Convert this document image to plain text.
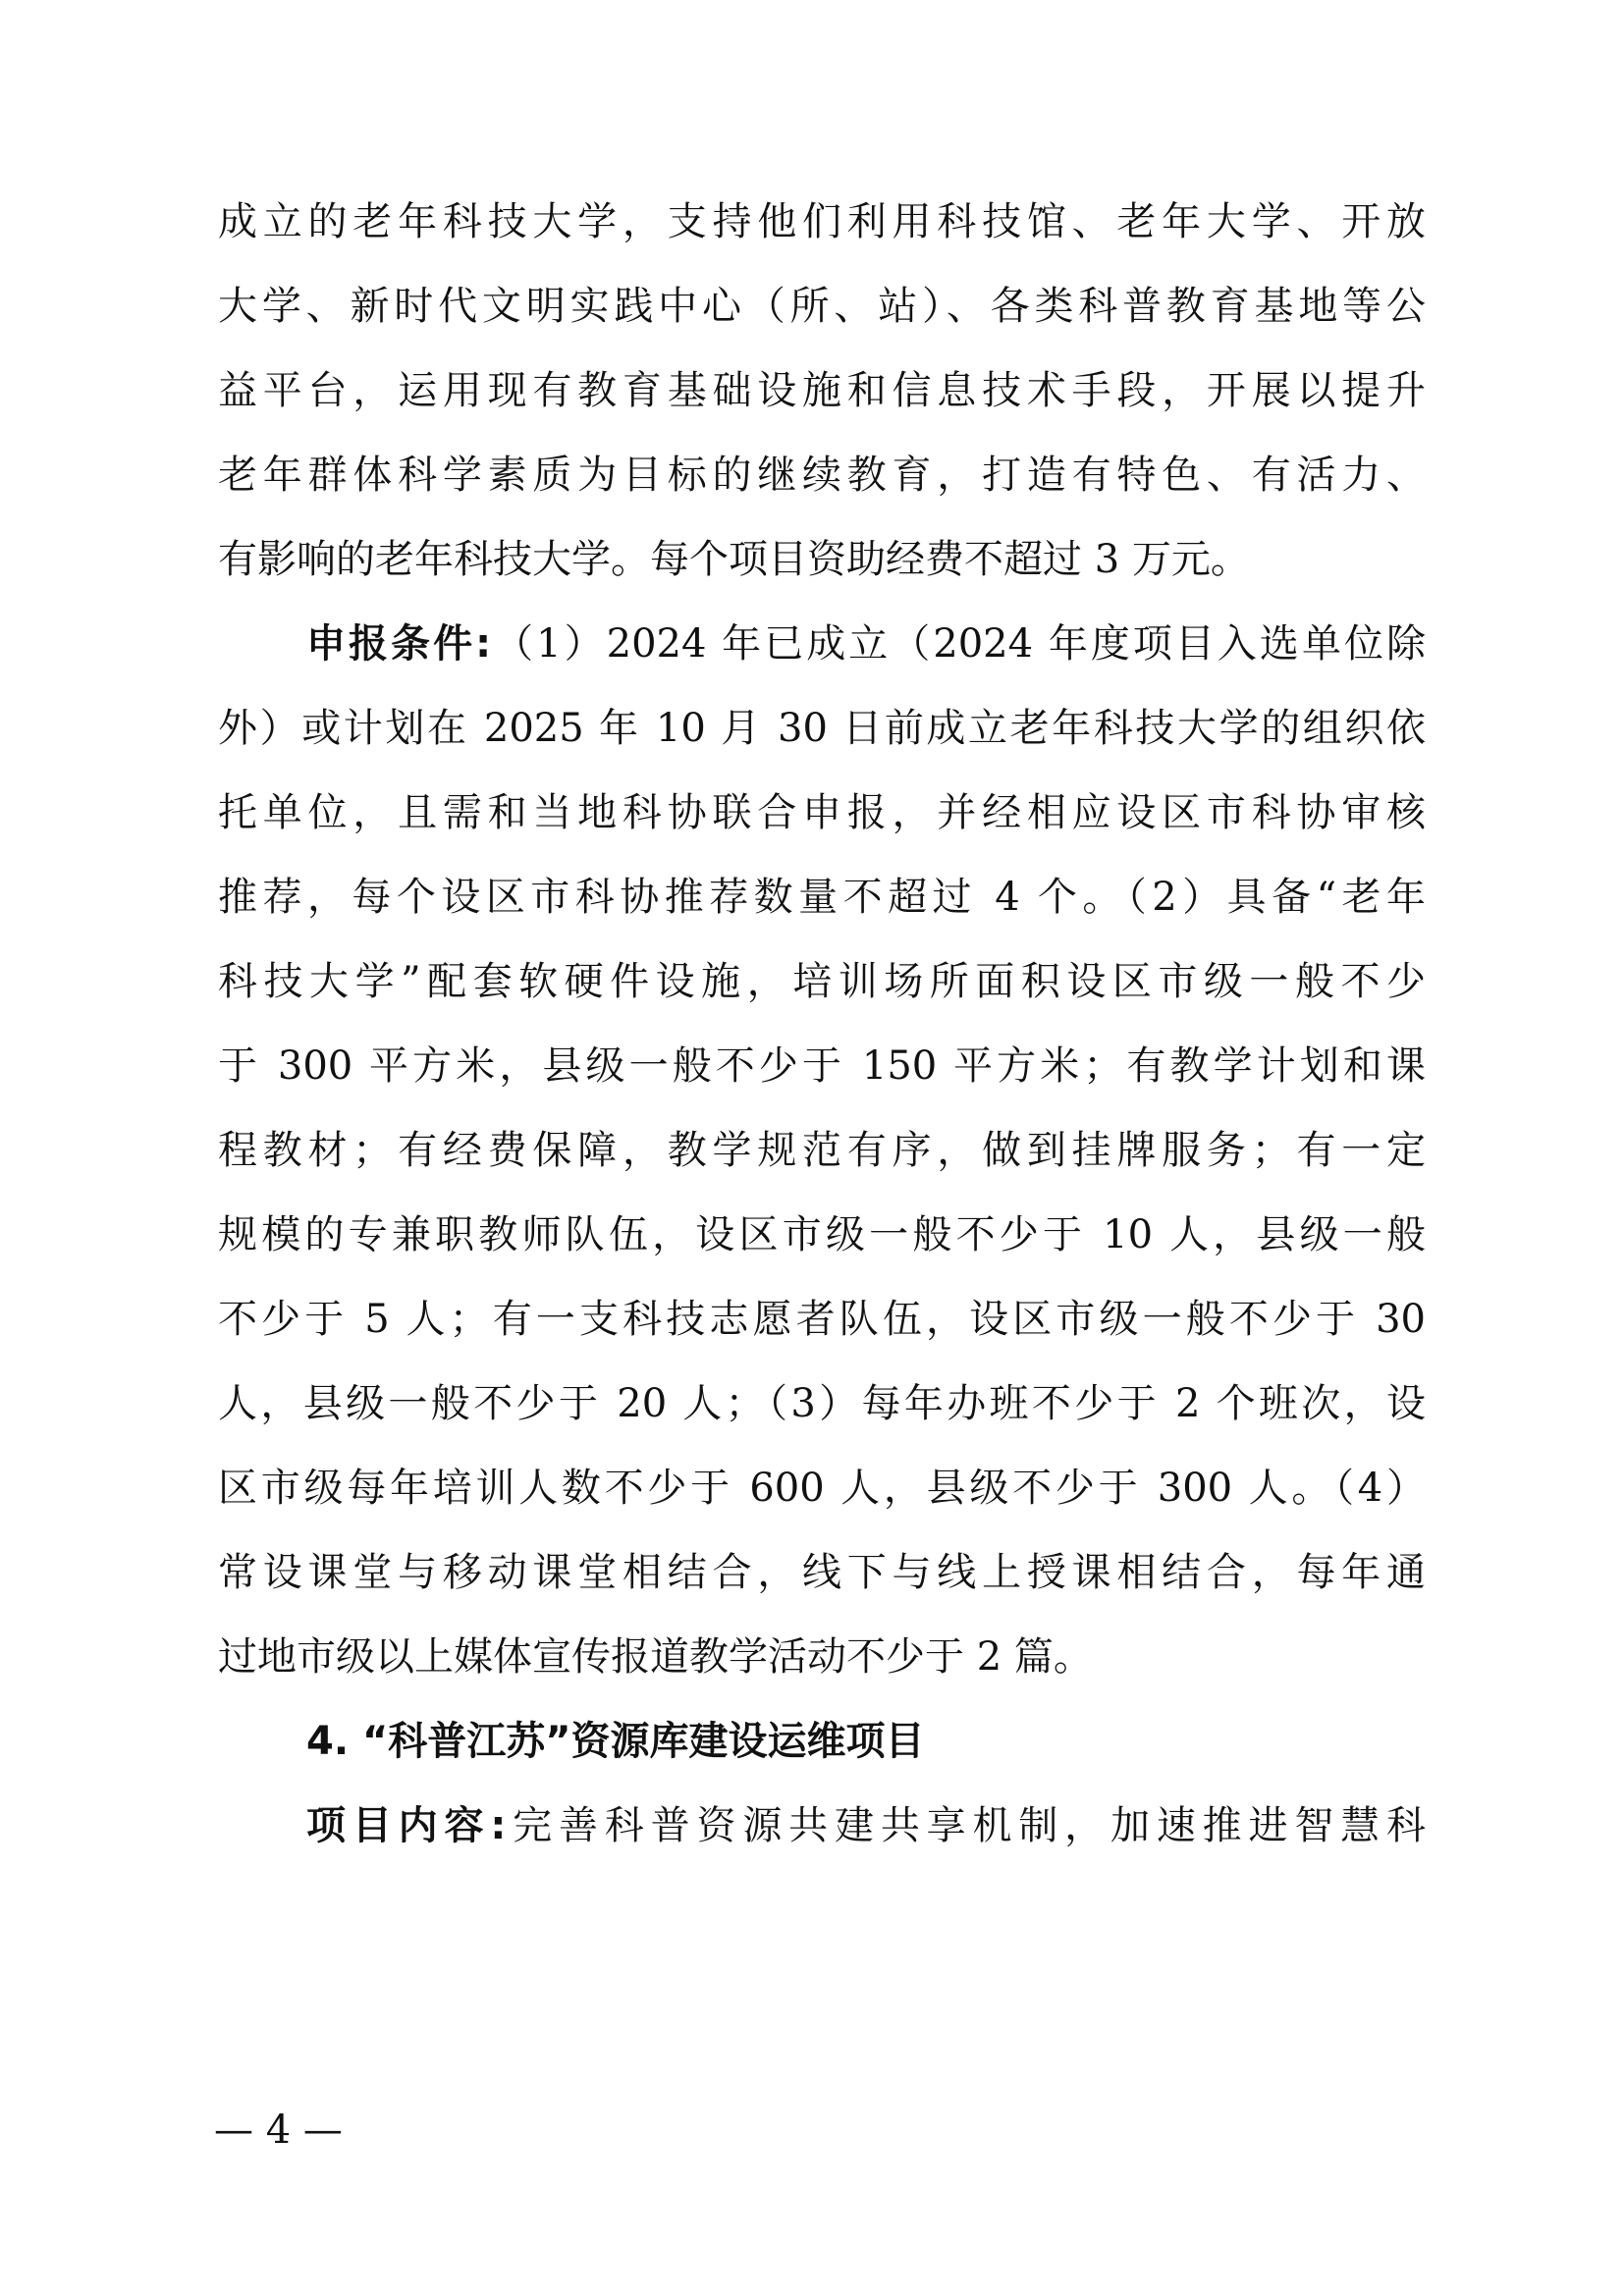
成立的老年科技大学，支持他们利用科技馆、老年大学、开放
大学、新时代文明实践中心（所、站）、各类科普教育基地等公
益平台，运用现有教育基础设施和信息技术手段，开展以提升
老年群体科学素质为目标的继续教育，打造有特色、有活力、
有影响的老年科技大学。每个项目资助经费不超过 3 万元。
申报条件:（1）2024 年已成立（2024 年度项目入选单位除
外）或计划在 2025 年 10 月 30 日前成立老年科技大学的组织依
托单位，且需和当地科协联合申报，并经相应设区市科协审核
推荐，每个设区市科协推荐数量不超过 4 个。（2）具备“老年
科技大学”配套软硬件设施，培训场所面积设区市级一般不少
于 300 平方米，县级一般不少于 150 平方米；有教学计划和课
程教材；有经费保障，教学规范有序，做到挂牌服务；有一定
规模的专兼职教师队伍，设区市级一般不少于 10 人，县级一般
不少于 5 人；有一支科技志愿者队伍，设区市级一般不少于 30
人，县级一般不少于 20 人；（3）每年办班不少于 2 个班次，设
区市级每年培训人数不少于 600 人，县级不少于 300 人。（4）
常设课堂与移动课堂相结合，线下与线上授课相结合，每年通
过地市级以上媒体宣传报道教学活动不少于 2 篇。
4. “科普江苏”资源库建设运维项目
项目内容:完善科普资源共建共享机制，加速推进智慧科
— 4 —
